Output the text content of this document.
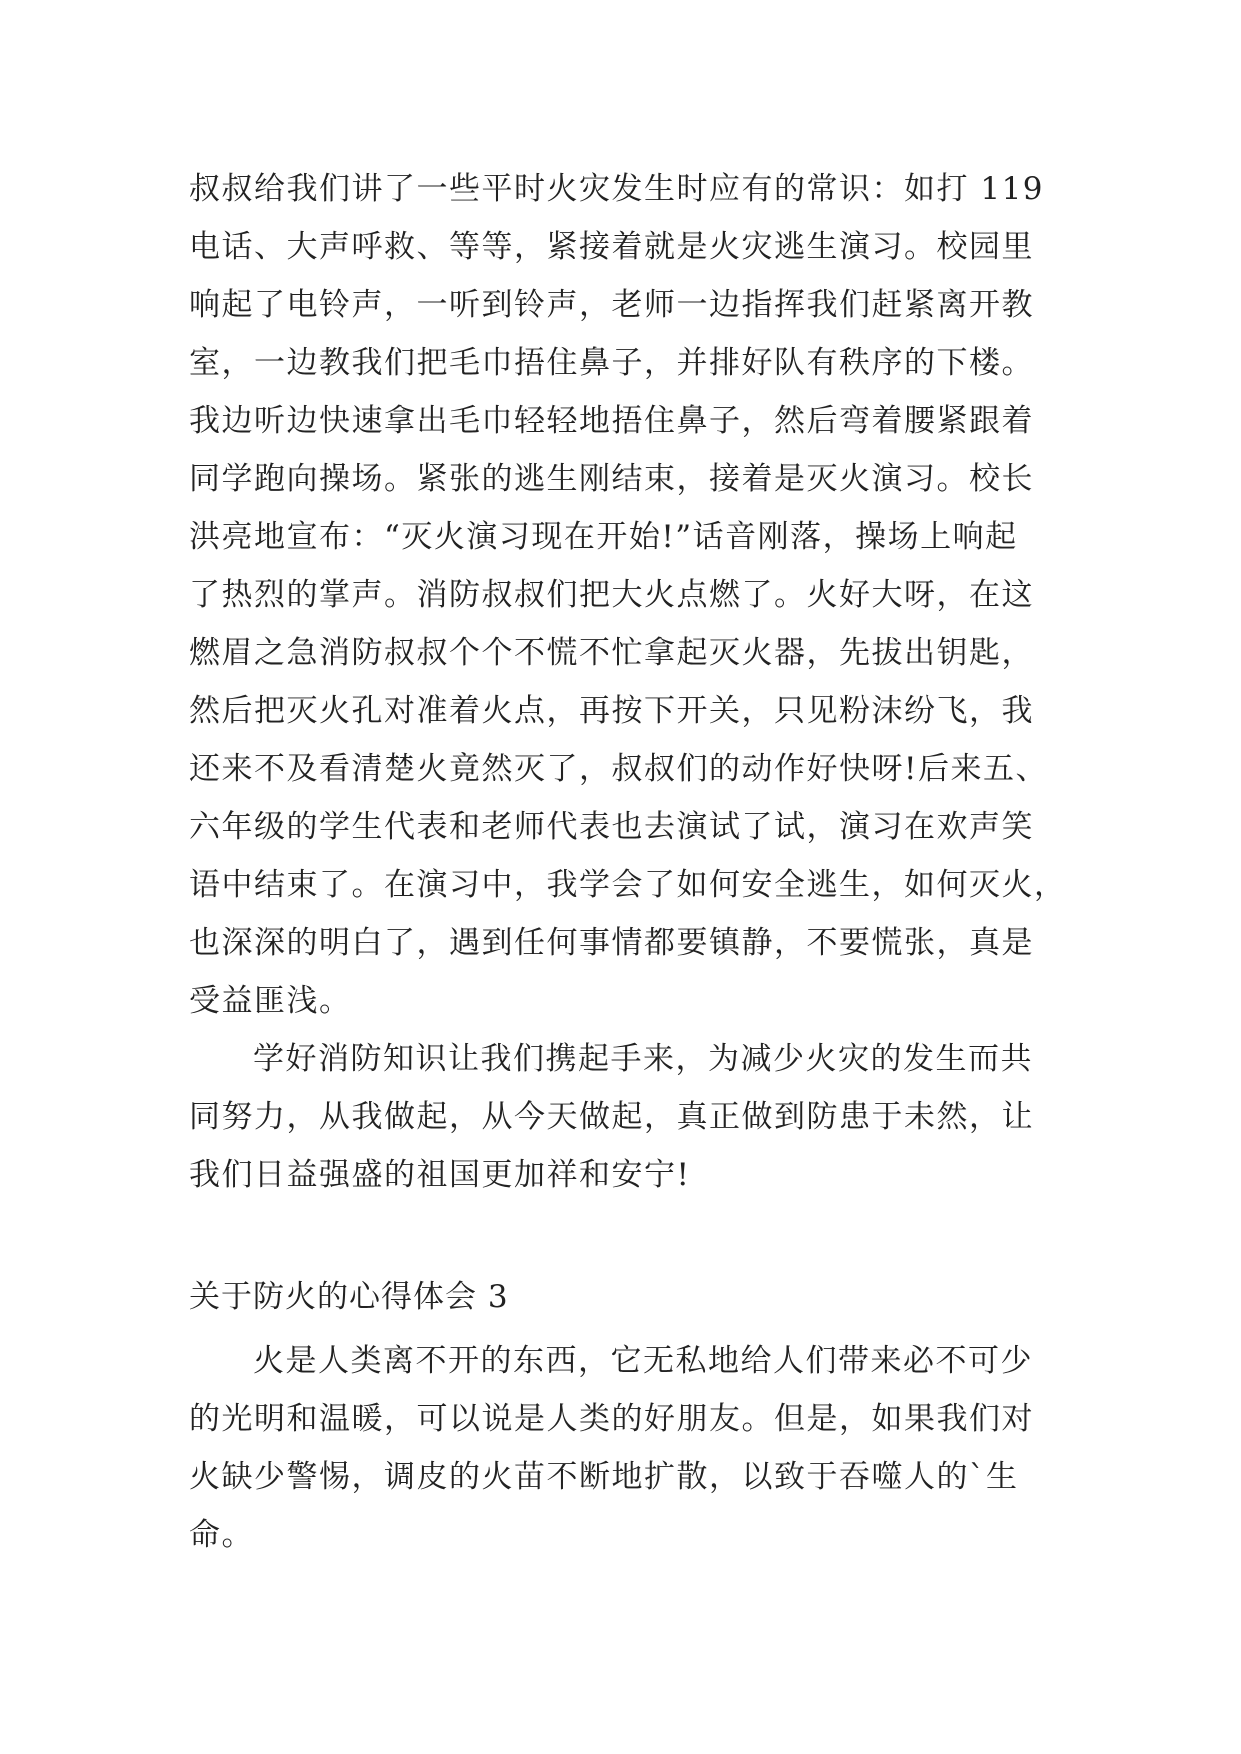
叔叔给我们讲了一些平时火灾发生时应有的常识：如打 119
电话、大声呼救、等等，紧接着就是火灾逃生演习。校园里
响起了电铃声，一听到铃声，老师一边指挥我们赶紧离开教
室，一边教我们把毛巾捂住鼻子，并排好队有秩序的下楼。
我边听边快速拿出毛巾轻轻地捂住鼻子，然后弯着腰紧跟着
同学跑向操场。紧张的逃生刚结束，接着是灭火演习。校长
洪亮地宣布：“灭火演习现在开始!”话音刚落，操场上响起
了热烈的掌声。消防叔叔们把大火点燃了。火好大呀，在这
燃眉之急消防叔叔个个不慌不忙拿起灭火器，先拔出钥匙，
然后把灭火孔对准着火点，再按下开关，只见粉沫纷飞，我
还来不及看清楚火竟然灭了，叔叔们的动作好快呀!后来五、
六年级的学生代表和老师代表也去演试了试，演习在欢声笑
语中结束了。在演习中，我学会了如何安全逃生，如何灭火，
也深深的明白了，遇到任何事情都要镇静，不要慌张，真是
受益匪浅。
学好消防知识让我们携起手来，为减少火灾的发生而共
同努力，从我做起，从今天做起，真正做到防患于未然，让
我们日益强盛的祖国更加祥和安宁!
关于防火的心得体会 3
火是人类离不开的东西，它无私地给人们带来必不可少
的光明和温暖，可以说是人类的好朋友。但是，如果我们对
火缺少警惕，调皮的火苗不断地扩散，以致于吞噬人的`生
命。
